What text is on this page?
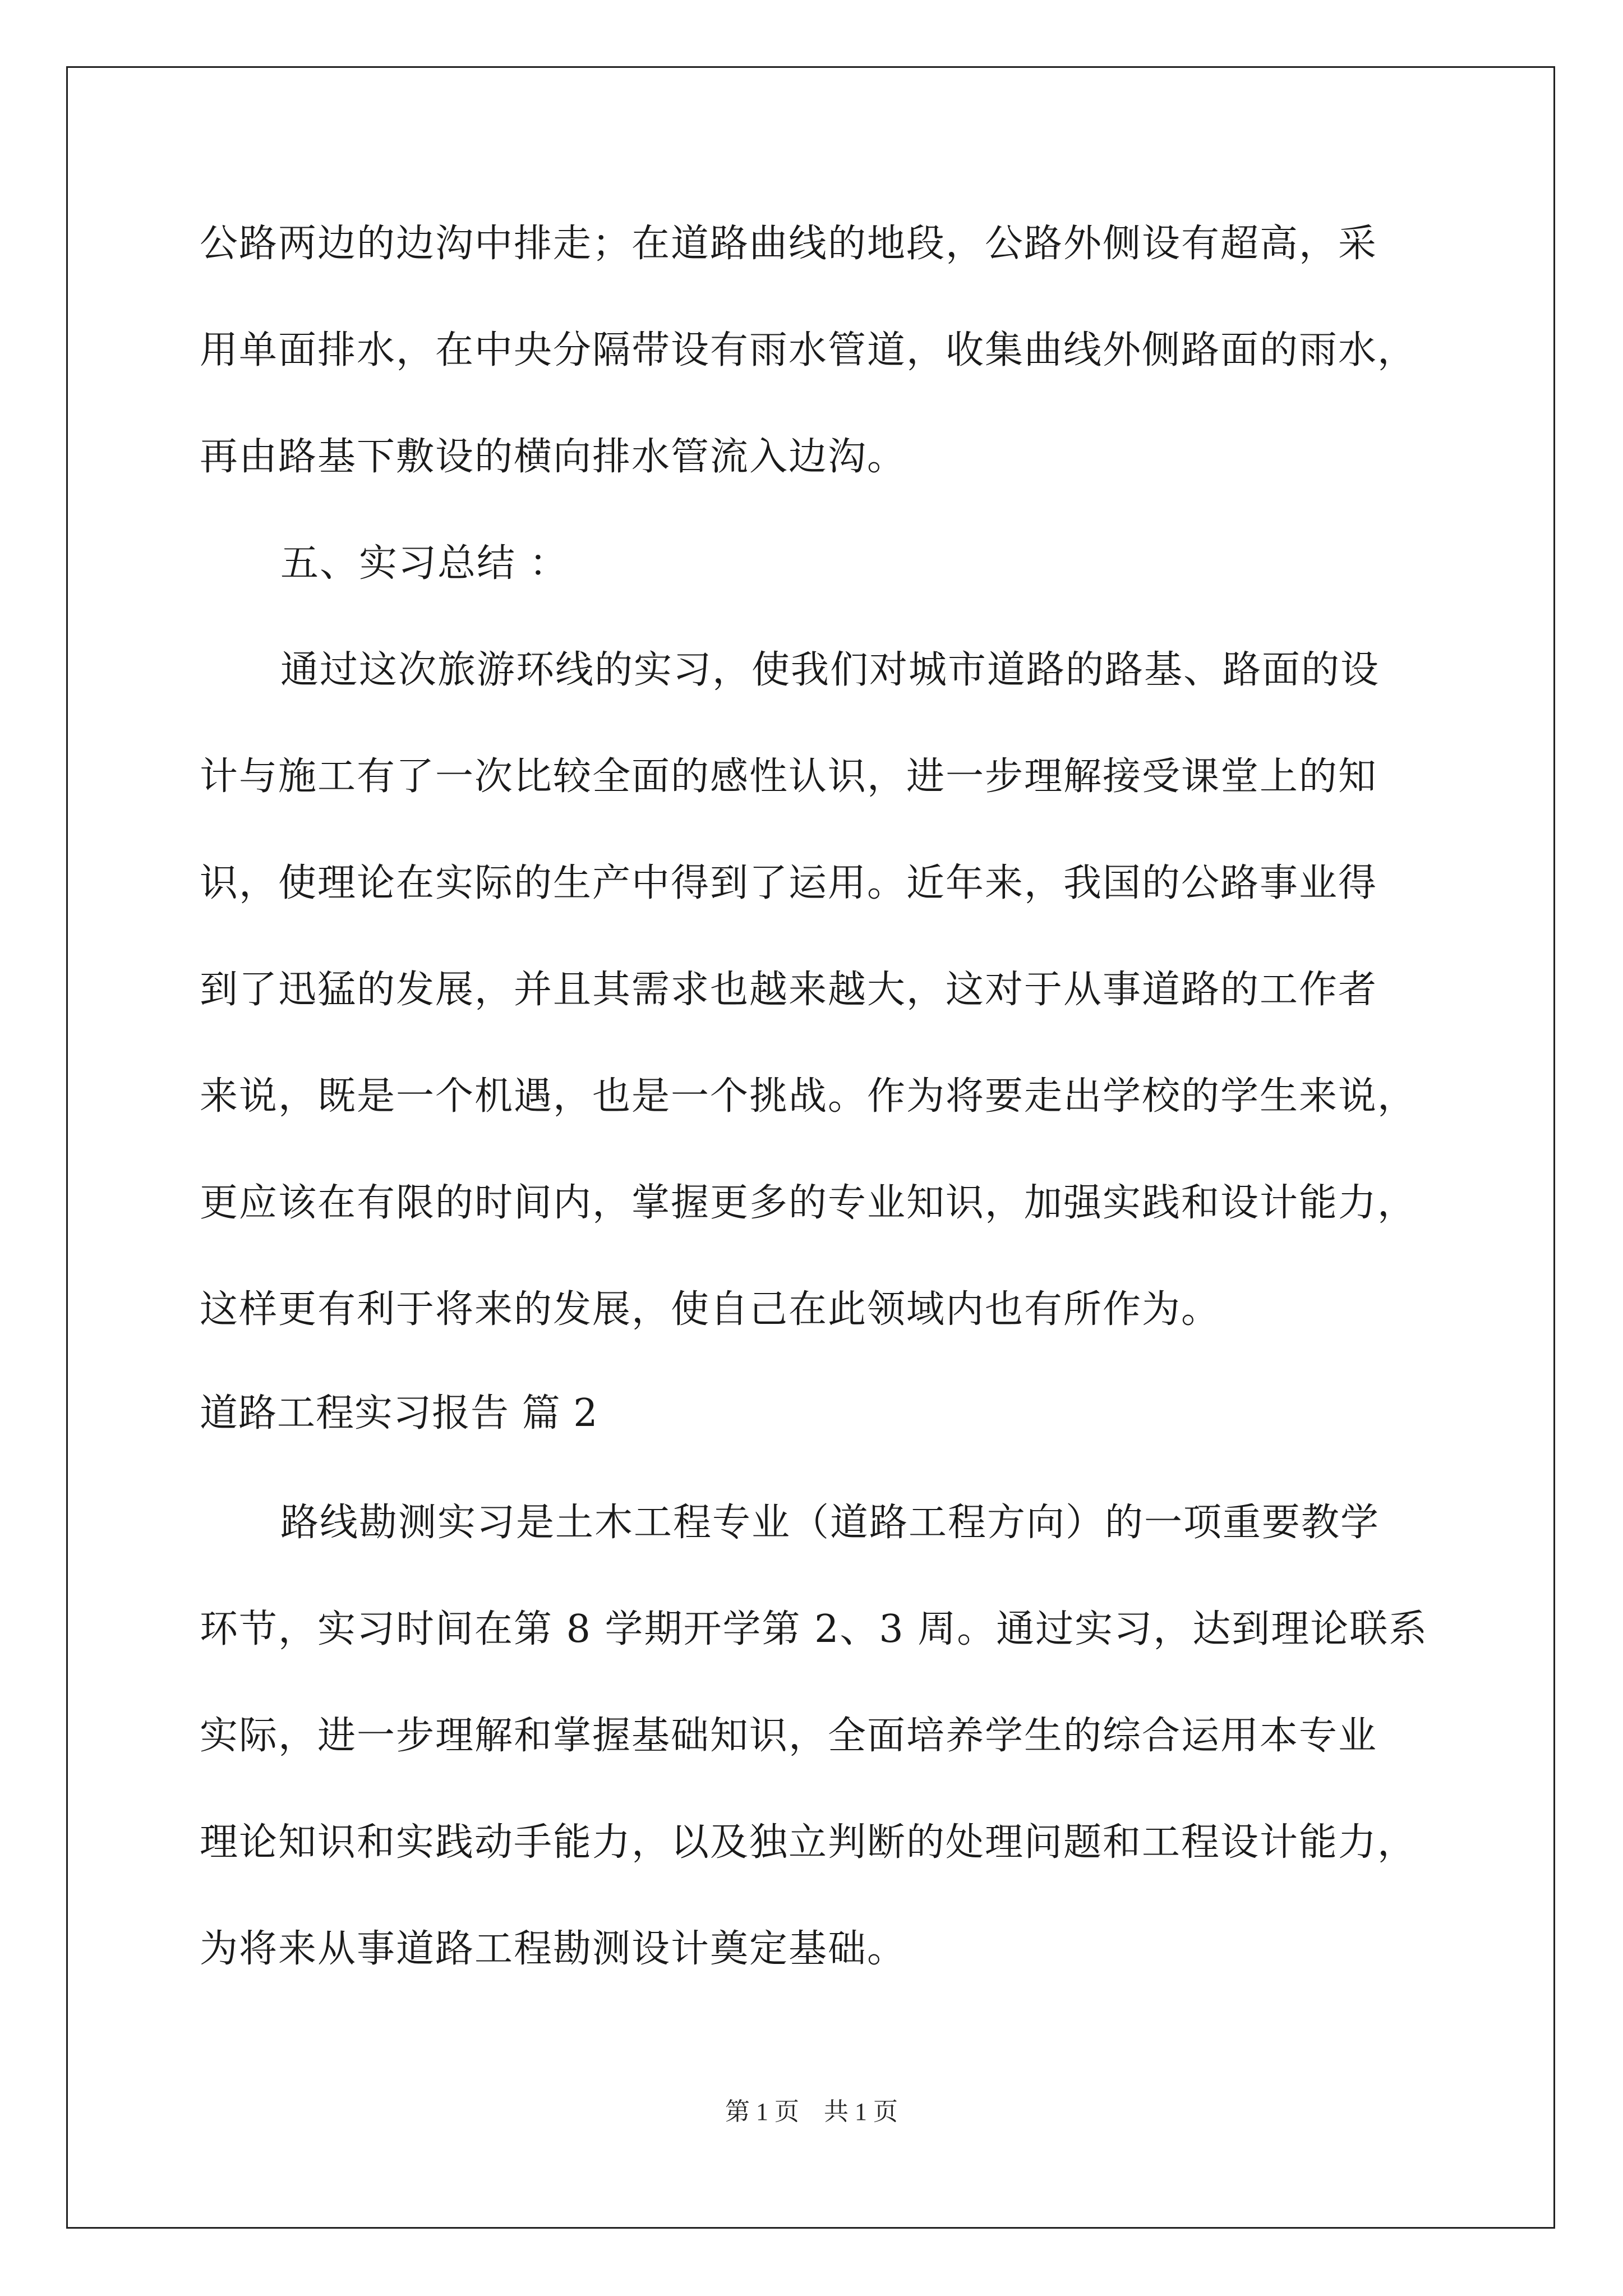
公路两边的边沟中排走；在道路曲线的地段，公路外侧设有超高，采
用单面排水，在中央分隔带设有雨水管道，收集曲线外侧路面的雨水，
再由路基下敷设的横向排水管流入边沟。
五、实习总结 ：
通过这次旅游环线的实习，使我们对城市道路的路基、路面的设
计与施工有了一次比较全面的感性认识，进一步理解接受课堂上的知
识，使理论在实际的生产中得到了运用。近年来，我国的公路事业得
到了迅猛的发展，并且其需求也越来越大，这对于从事道路的工作者
来说，既是一个机遇，也是一个挑战。作为将要走出学校的学生来说，
更应该在有限的时间内，掌握更多的专业知识，加强实践和设计能力，
这样更有利于将来的发展，使自己在此领域内也有所作为。
道路工程实习报告 篇 2
路线勘测实习是土木工程专业（道路工程方向）的一项重要教学
环节，实习时间在第 8 学期开学第 2、3 周。通过实习，达到理论联系
实际，进一步理解和掌握基础知识，全面培养学生的综合运用本专业
理论知识和实践动手能力，以及独立判断的处理问题和工程设计能力，
为将来从事道路工程勘测设计奠定基础。
第 1 页　共 1 页
